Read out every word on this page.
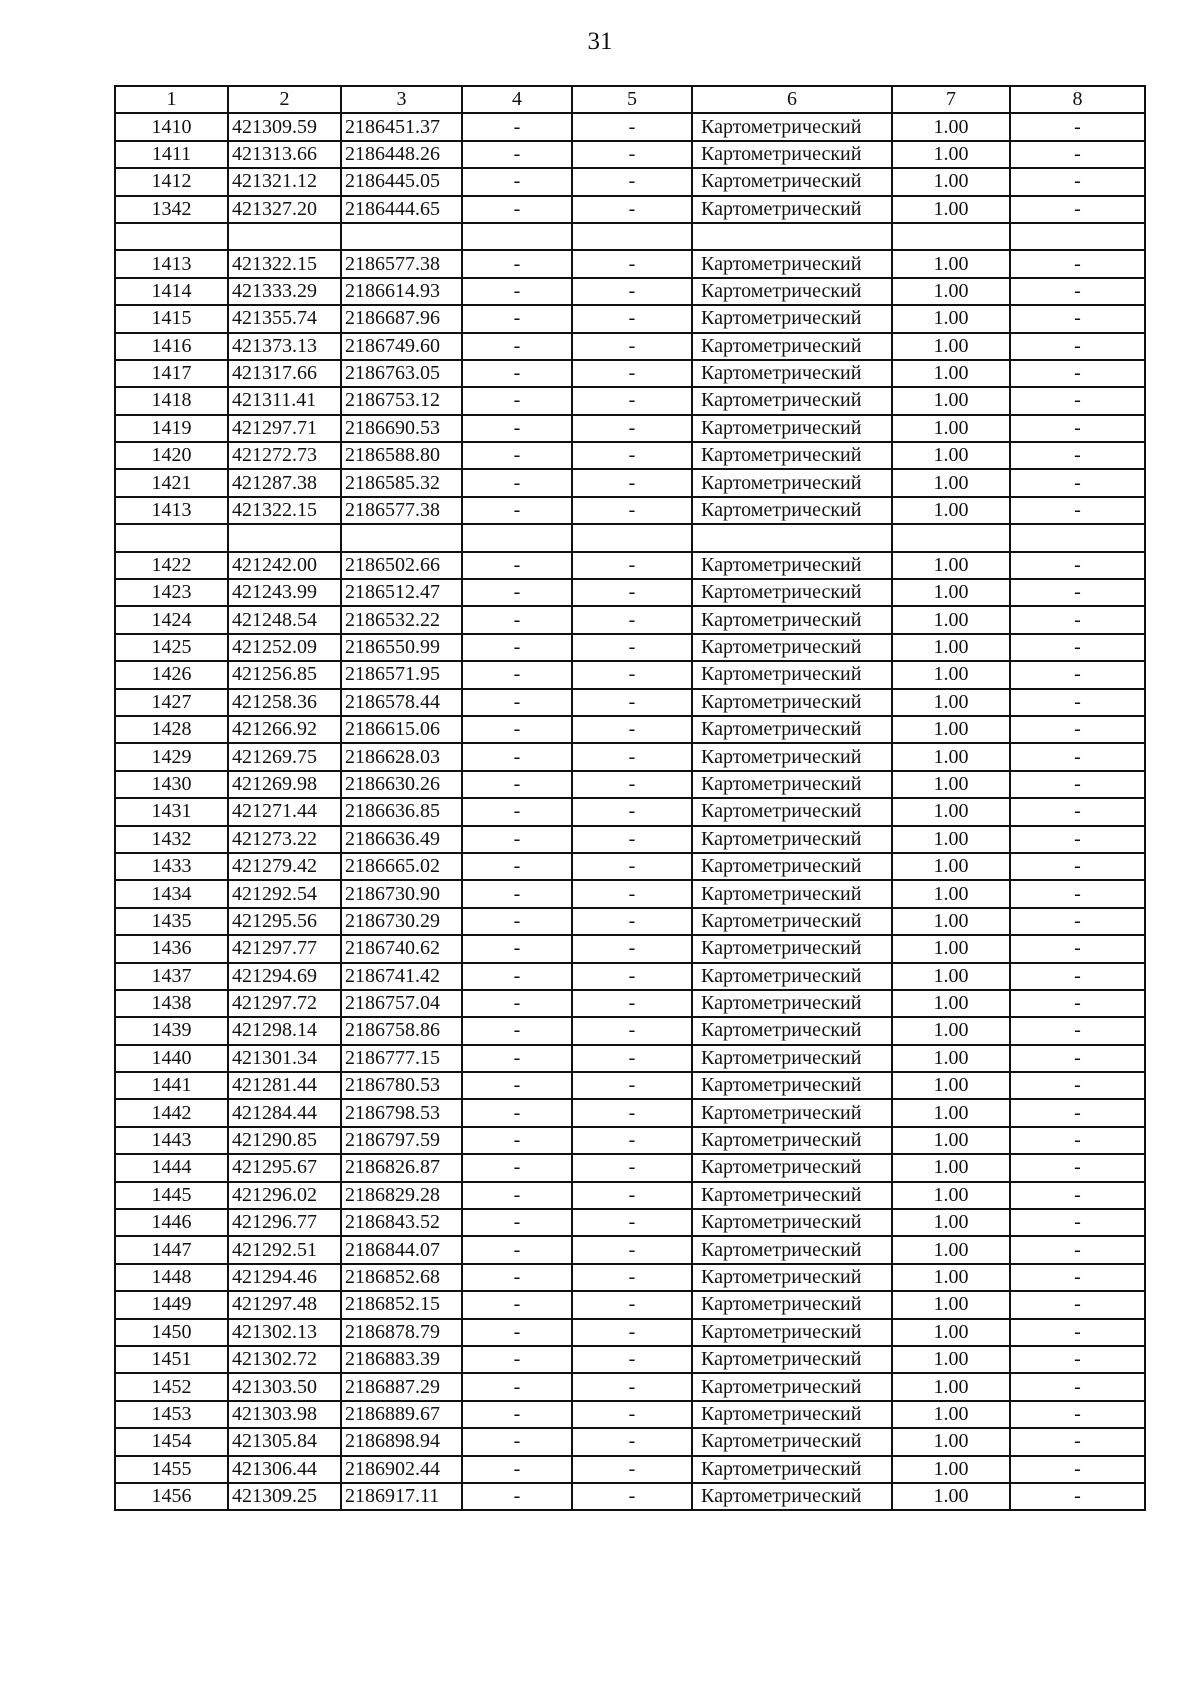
31
1	2	3	4	5	6	7	8
1410	421309.59	2186451.37	-	-	Картометрический	1.00	-
1411	421313.66	2186448.26	-	-	Картометрический	1.00	-
1412	421321.12	2186445.05	-	-	Картометрический	1.00	-
1342	421327.20	2186444.65	-	-	Картометрический	1.00	-

1413	421322.15	2186577.38	-	-	Картометрический	1.00	-
1414	421333.29	2186614.93	-	-	Картометрический	1.00	-
1415	421355.74	2186687.96	-	-	Картометрический	1.00	-
1416	421373.13	2186749.60	-	-	Картометрический	1.00	-
1417	421317.66	2186763.05	-	-	Картометрический	1.00	-
1418	421311.41	2186753.12	-	-	Картометрический	1.00	-
1419	421297.71	2186690.53	-	-	Картометрический	1.00	-
1420	421272.73	2186588.80	-	-	Картометрический	1.00	-
1421	421287.38	2186585.32	-	-	Картометрический	1.00	-
1413	421322.15	2186577.38	-	-	Картометрический	1.00	-

1422	421242.00	2186502.66	-	-	Картометрический	1.00	-
1423	421243.99	2186512.47	-	-	Картометрический	1.00	-
1424	421248.54	2186532.22	-	-	Картометрический	1.00	-
1425	421252.09	2186550.99	-	-	Картометрический	1.00	-
1426	421256.85	2186571.95	-	-	Картометрический	1.00	-
1427	421258.36	2186578.44	-	-	Картометрический	1.00	-
1428	421266.92	2186615.06	-	-	Картометрический	1.00	-
1429	421269.75	2186628.03	-	-	Картометрический	1.00	-
1430	421269.98	2186630.26	-	-	Картометрический	1.00	-
1431	421271.44	2186636.85	-	-	Картометрический	1.00	-
1432	421273.22	2186636.49	-	-	Картометрический	1.00	-
1433	421279.42	2186665.02	-	-	Картометрический	1.00	-
1434	421292.54	2186730.90	-	-	Картометрический	1.00	-
1435	421295.56	2186730.29	-	-	Картометрический	1.00	-
1436	421297.77	2186740.62	-	-	Картометрический	1.00	-
1437	421294.69	2186741.42	-	-	Картометрический	1.00	-
1438	421297.72	2186757.04	-	-	Картометрический	1.00	-
1439	421298.14	2186758.86	-	-	Картометрический	1.00	-
1440	421301.34	2186777.15	-	-	Картометрический	1.00	-
1441	421281.44	2186780.53	-	-	Картометрический	1.00	-
1442	421284.44	2186798.53	-	-	Картометрический	1.00	-
1443	421290.85	2186797.59	-	-	Картометрический	1.00	-
1444	421295.67	2186826.87	-	-	Картометрический	1.00	-
1445	421296.02	2186829.28	-	-	Картометрический	1.00	-
1446	421296.77	2186843.52	-	-	Картометрический	1.00	-
1447	421292.51	2186844.07	-	-	Картометрический	1.00	-
1448	421294.46	2186852.68	-	-	Картометрический	1.00	-
1449	421297.48	2186852.15	-	-	Картометрический	1.00	-
1450	421302.13	2186878.79	-	-	Картометрический	1.00	-
1451	421302.72	2186883.39	-	-	Картометрический	1.00	-
1452	421303.50	2186887.29	-	-	Картометрический	1.00	-
1453	421303.98	2186889.67	-	-	Картометрический	1.00	-
1454	421305.84	2186898.94	-	-	Картометрический	1.00	-
1455	421306.44	2186902.44	-	-	Картометрический	1.00	-
1456	421309.25	2186917.11	-	-	Картометрический	1.00	-
